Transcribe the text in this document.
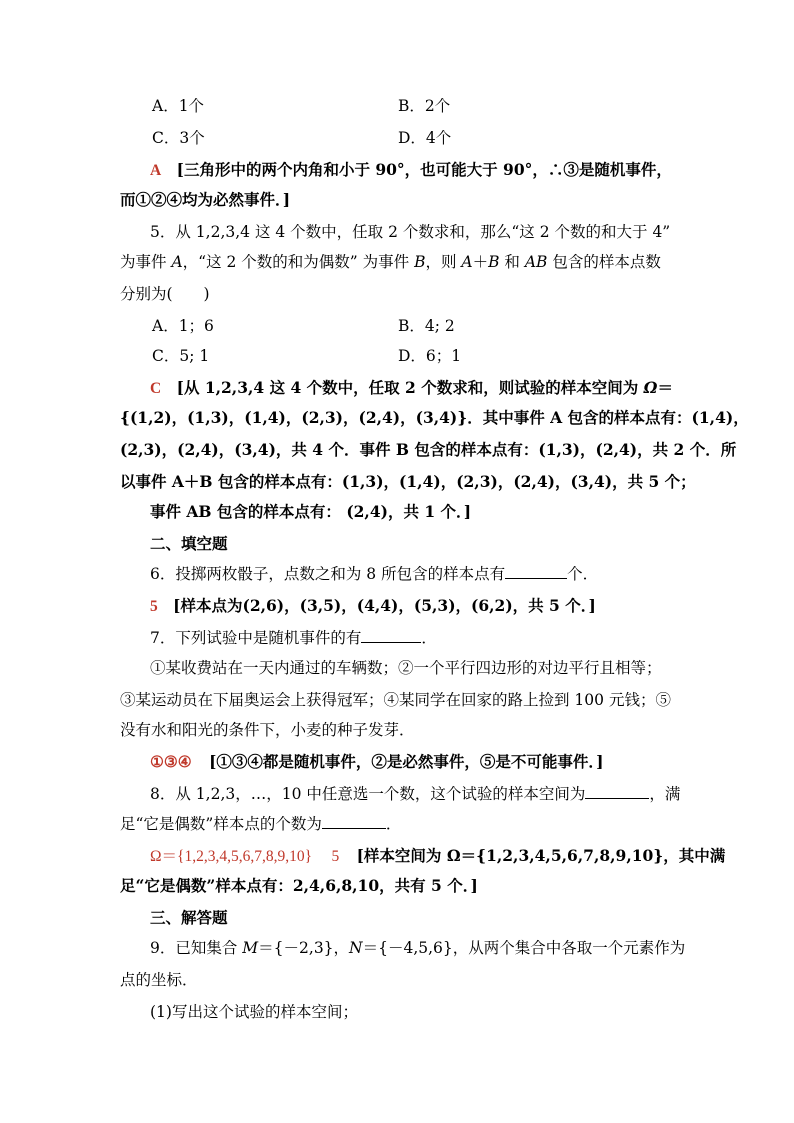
A．1个	B．2个
C．3个	D．4个
A [三角形中的两个内角和小于 90°，也可能大于 90°，∴③是随机事件，
而①②④均为必然事件．]
5．从 1,2,3,4 这 4 个数中，任取 2 个数求和，那么“这 2 个数的和大于 4”
为事件 A，“这 2 个数的和为偶数” 为事件 B，则 A＋B 和 AB 包含的样本点数
分别为(　　)
A．1；6	B．4; 2
C．5; 1	D．6；1
C [从 1,2,3,4 这 4 个数中，任取 2 个数求和，则试验的样本空间为 Ω＝
{(1,2)，(1,3)，(1,4)，(2,3)，(2,4)，(3,4)}．其中事件 A 包含的样本点有：(1,4)，
(2,3)，(2,4)，(3,4)，共 4 个．事件 B 包含的样本点有：(1,3)，(2,4)，共 2 个．所
以事件 A＋B 包含的样本点有：(1,3)，(1,4)，(2,3)，(2,4)，(3,4)，共 5 个；
事件 AB 包含的样本点有： (2,4)，共 1 个．]
二、填空题
6．投掷两枚骰子，点数之和为 8 所包含的样本点有	个．
5 [样本点为(2,6)，(3,5)，(4,4)，(5,3)，(6,2)，共 5 个．]
7．下列试验中是随机事件的有	．
①某收费站在一天内通过的车辆数；②一个平行四边形的对边平行且相等；
③某运动员在下届奥运会上获得冠军；④某同学在回家的路上捡到 100 元钱；⑤
没有水和阳光的条件下，小麦的种子发芽．
①③④ [①③④都是随机事件，②是必然事件，⑤是不可能事件．]
8．从 1,2,3，…，10 中任意选一个数，这个试验的样本空间为	，满
足“它是偶数”样本点的个数为	．
Ω＝{1,2,3,4,5,6,7,8,9,10} 5 [样本空间为 Ω＝{1,2,3,4,5,6,7,8,9,10}，其中满
足“它是偶数”样本点有：2,4,6,8,10，共有 5 个．]
三、解答题
9．已知集合 M＝{－2,3}，N＝{－4,5,6}，从两个集合中各取一个元素作为
点的坐标．
(1)写出这个试验的样本空间；
